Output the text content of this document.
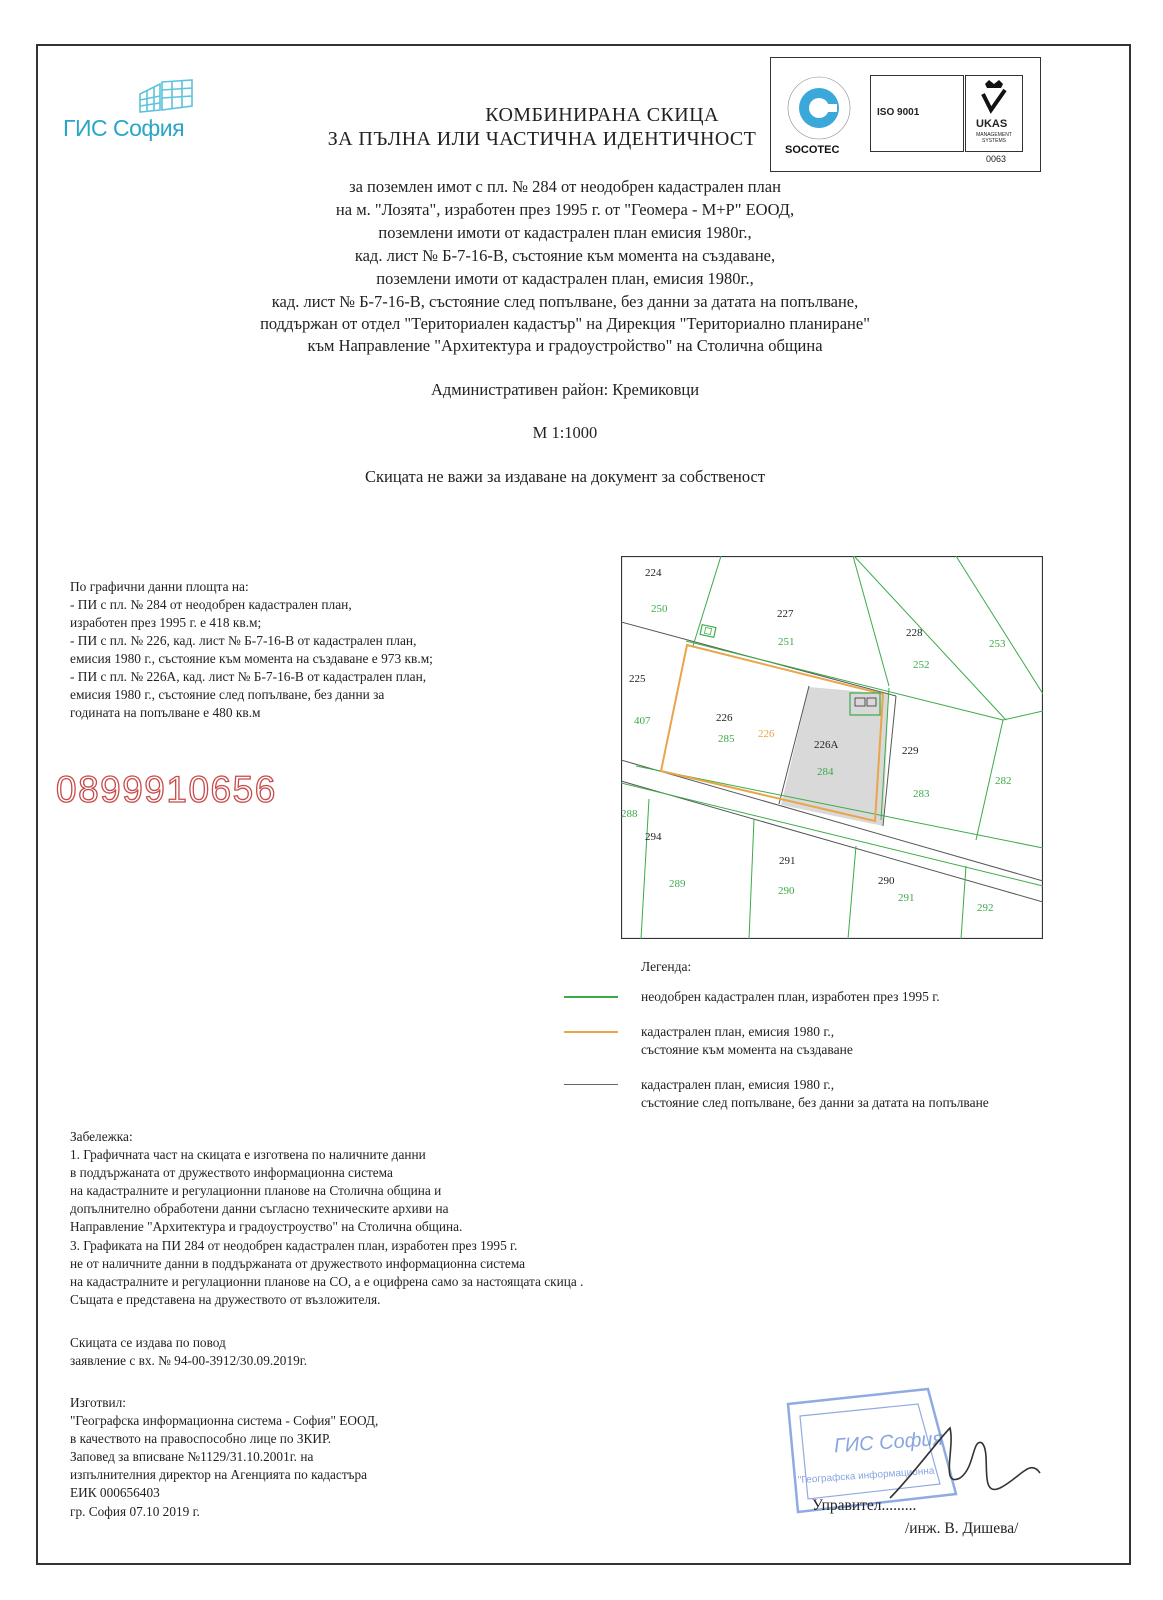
ГИС София
SOCOTEC
ISO 9001
UKAS
MANAGEMENT SYSTEMS
0063
КОМБИНИРАНА СКИЦА
ЗА ПЪЛНА ИЛИ ЧАСТИЧНА ИДЕНТИЧНОСТ
за поземлен имот с пл. № 284 от неодобрен кадастрален план
на м. "Лозята", изработен през 1995 г. от "Геомера - М+Р" ЕООД,
поземлени имоти от кадастрален план емисия 1980г.,
кад. лист № Б-7-16-В, състояние към момента на създаване,
поземлени имоти от кадастрален план, емисия 1980г.,
кад. лист № Б-7-16-В, състояние след попълване, без данни за датата на попълване,
поддържан от отдел "Териториален кадастър" на Дирекция "Териториално планиране"
към Направление "Архитектура и градоустройство" на Столична община
Административен район: Кремиковци
М 1:1000
Скицата не важи за издаване на документ за собственост
По графични данни площта на:
- ПИ с пл. № 284 от неодобрен кадастрален план,
изработен през 1995 г. е 418 кв.м;
- ПИ с пл. № 226, кад. лист № Б-7-16-В от кадастрален план,
емисия 1980 г., състояние към момента на създаване е 973 кв.м;
- ПИ с пл. № 226А, кад. лист № Б-7-16-В от кадастрален план,
емисия 1980 г., състояние след попълване, без данни за
годината на попълване е 480 кв.м
0899910656
224
227
228
225
226
226А	229
294
291
290
250
251	253
252
407
285
284
283
282
288
289
290
291
292
226
Легенда:
неодобрен кадастрален план, изработен през 1995 г.
кадастрален план, емисия 1980 г.,
състояние към момента на създаване
кадастрален план, емисия 1980 г.,
състояние след попълване, без данни за датата на попълване
Забележка:
1. Графичната част на скицата е изготвена по наличните данни
в поддържаната от дружеството информационна система
на кадастралните и регулационни планове на Столична община и
допълнително обработени данни съгласно техническите архиви на
Направление "Архитектура и градоустроуство" на Столична община.
3. Графиката на ПИ 284 от неодобрен кадастрален план, изработен през 1995 г.
не от наличните данни в поддържаната от дружеството информационна система
на кадастралните и регулационни планове на СО, а е оцифрена само за настоящата скица .
Същата е представена на дружеството от възложителя.
Скицата се издава по повод
заявление с вх. № 94-00-3912/30.09.2019г.
Изготвил:
"Географска информационна система - София" ЕООД,
в качеството на правоспособно лице по ЗКИР.
Заповед за вписване №1129/31.10.2001г. на
изпълнителния директор на Агенцията по кадастъра
ЕИК 000656403
гр. София 07.10 2019 г.
ГИС София
"Географска информационна
Управител.........
/инж. В. Дишева/
